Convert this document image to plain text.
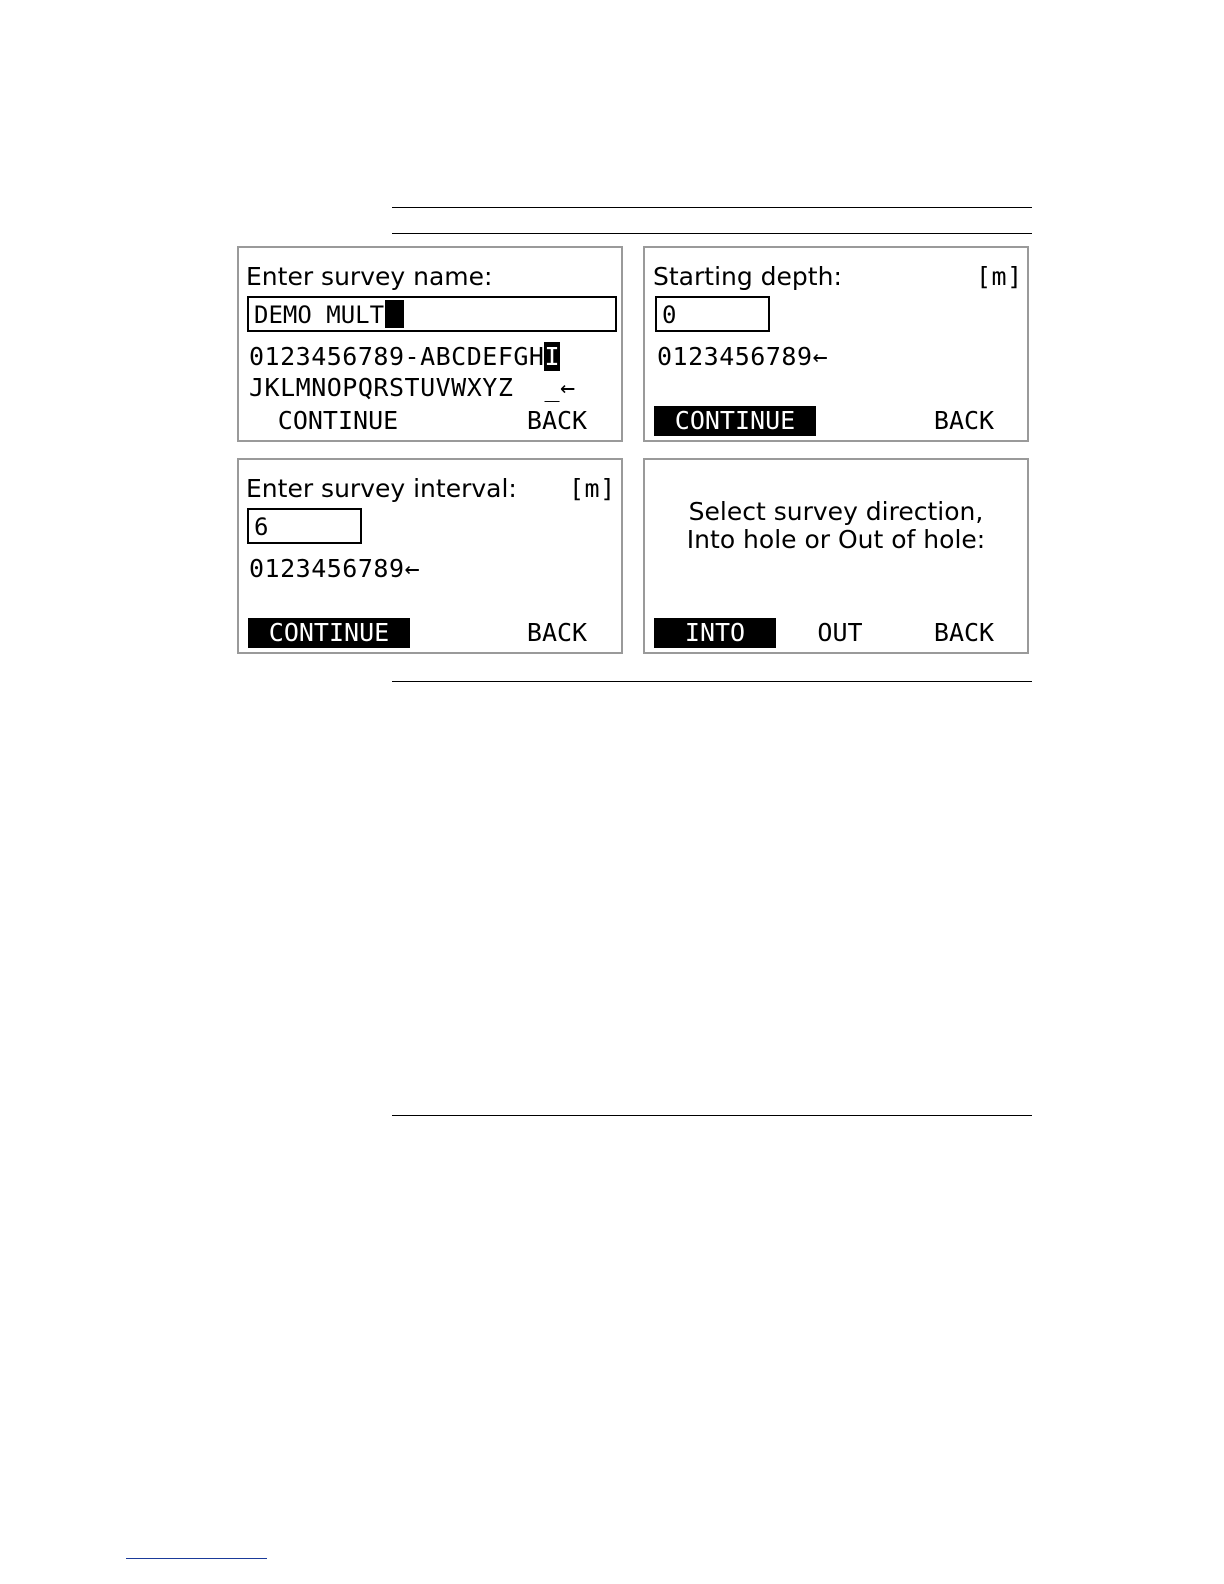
Enter survey name:
DEMO MULT
0123456789-ABCDEFGHI
JKLMNOPQRSTUVWXYZ _←
CONTINUE	BACK
Starting depth:	[m]
0
0123456789←
CONTINUE	BACK
Enter survey interval: [m]
6
0123456789←
CONTINUE	BACK
Select survey direction,
Into hole or Out of hole:
INTO	OUT	BACK
